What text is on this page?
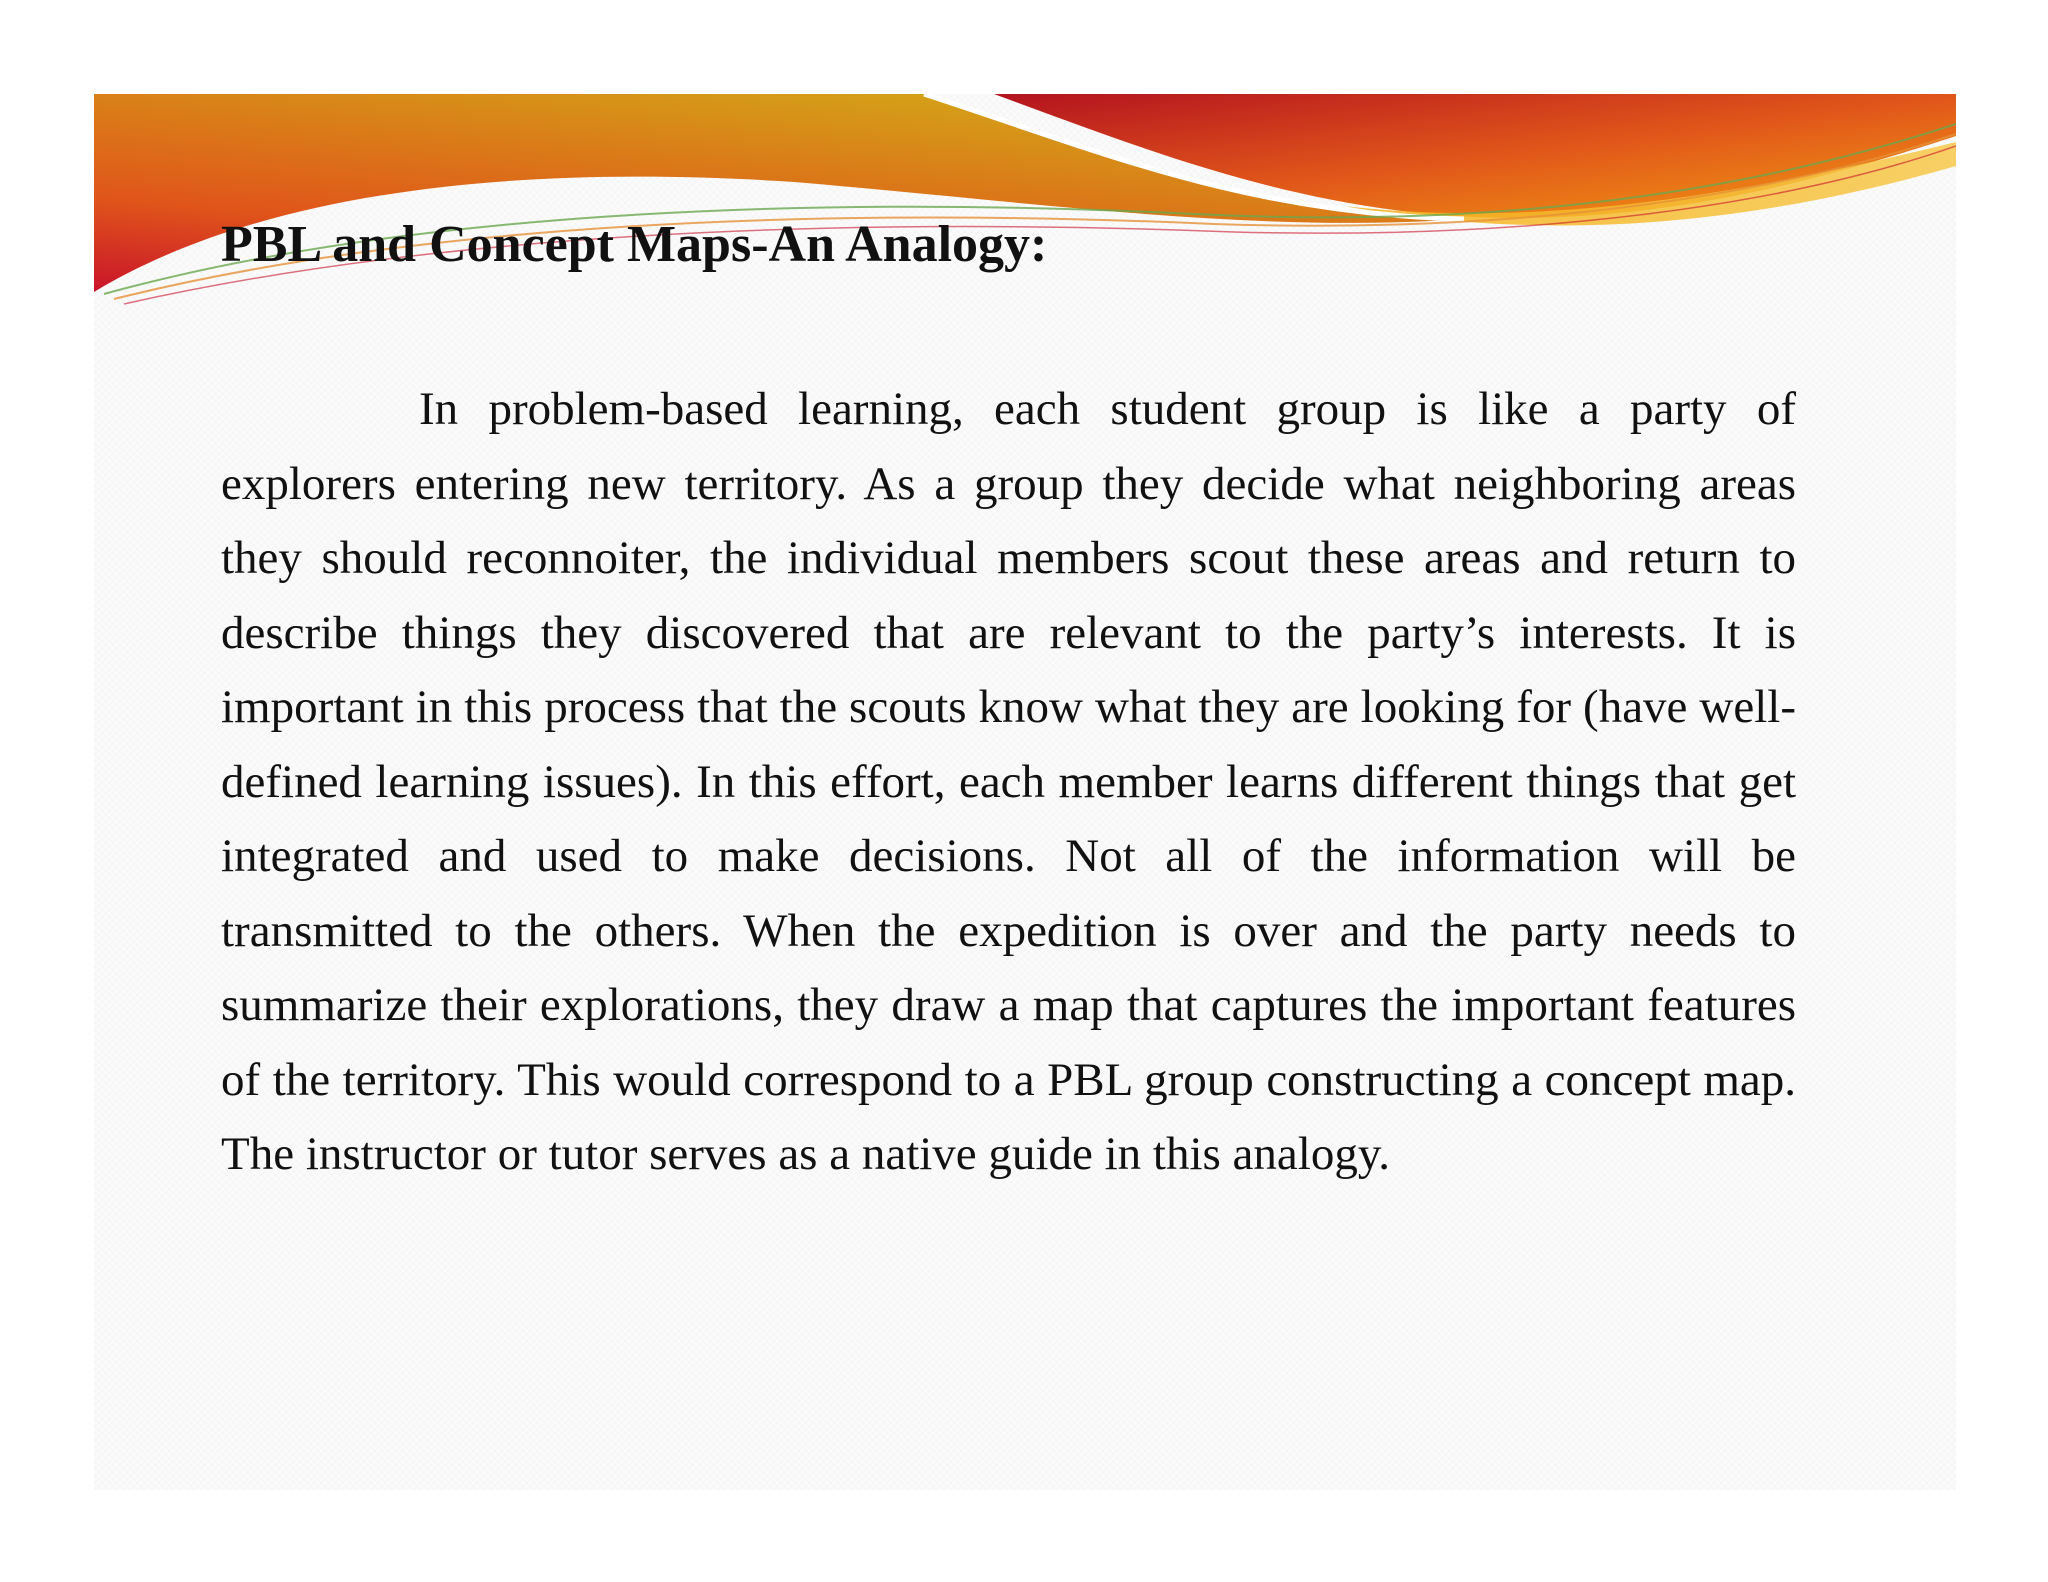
PBL and Concept Maps-An Analogy:

In problem-based learning, each student group is like a party of explorers entering new territory. As a group they decide what neighboring areas they should reconnoiter, the individual members scout these areas and return to describe things they discovered that are relevant to the party’s interests. It is important in this process that the scouts know what they are looking for (have well-defined learning issues). In this effort, each member learns different things that get integrated and used to make decisions. Not all of the information will be transmitted to the others. When the expedition is over and the party needs to summarize their explorations, they draw a map that captures the important features of the territory. This would correspond to a PBL group constructing a concept map. The instructor or tutor serves as a native guide in this analogy.
